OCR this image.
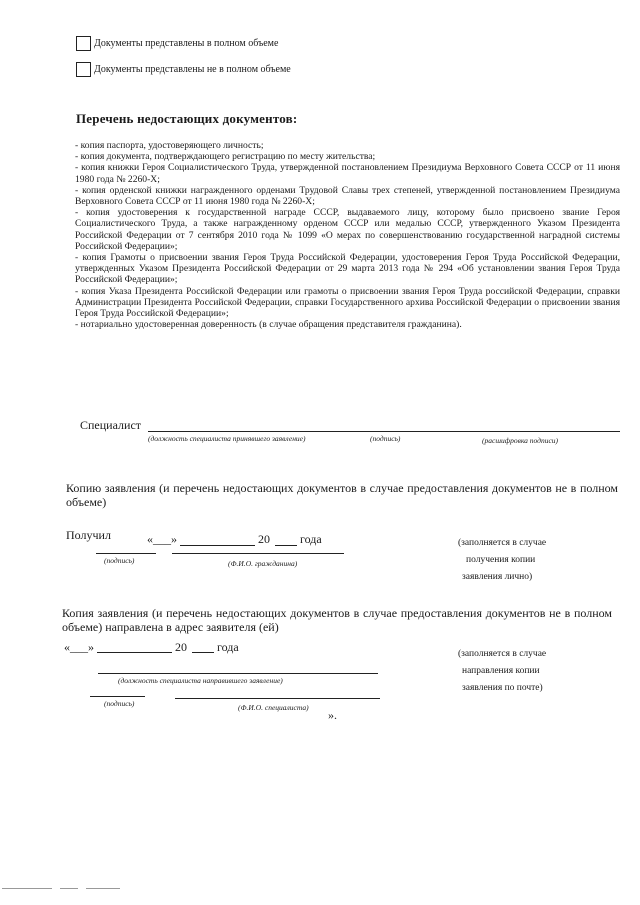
Документы представлены в полном объеме
Документы представлены не в полном объеме
Перечень недостающих документов:

- копия паспорта, удостоверяющего личность;

- копия документа, подтверждающего регистрацию по месту жительства;

- копия книжки Героя Социалистического Труда, утвержденной постановлением Президиума Верховного Совета СССР от 11 июня 1980 года № 2260-Х;

- копия орденской книжки награжденного орденами Трудовой Славы трех степеней, утвержденной постановлением Президиума Верховного Совета СССР от 11 июня 1980 года № 2260-Х;

- копия удостоверения к государственной награде СССР, выдаваемого лицу, которому было присвоено звание Героя Социалистического Труда, а также награжденному орденом СССР или медалью СССР, утвержденного Указом Президента Российской Федерации от 7 сентября 2010 года № 1099 «О мерах по совершенствованию государственной наградной системы Российской Федерации»;

- копия Грамоты о присвоении звания Героя Труда Российской Федерации, удостоверения Героя Труда Российской Федерации, утвержденных Указом Президента Российской Федерации от 29 марта 2013 года № 294 «Об установлении звания Героя Труда Российской Федерации»;

- копия Указа Президента Российской Федерации или грамоты о присвоении звания Героя Труда российской Федерации, справки Администрации Президента Российской Федерации, справки Государственного архива Российской Федерации о присвоении звания Героя Труда Российской Федерации»;

- нотариально удостоверенная доверенность (в случае обращения представителя гражданина).

Специалист
(должность специалиста принявшего заявление)	(подпись)	(расшифровка подписи)
Копию заявления (и перечень недостающих документов в случае предоставления документов не в полном объеме)
Получил	«___»	20	года
(подпись)	(Ф.И.О. гражданина)
(заполняется в случае
получения копии
заявления лично)
Копия заявления (и перечень недостающих документов в случае предоставления документов не в полном объеме) направлена в адрес заявителя (ей)
«___»	20	года
(должность специалиста направившего заявление)
(подпись)	(Ф.И.О. специалиста)
».
(заполняется в случае
направления копии
заявления по почте)
